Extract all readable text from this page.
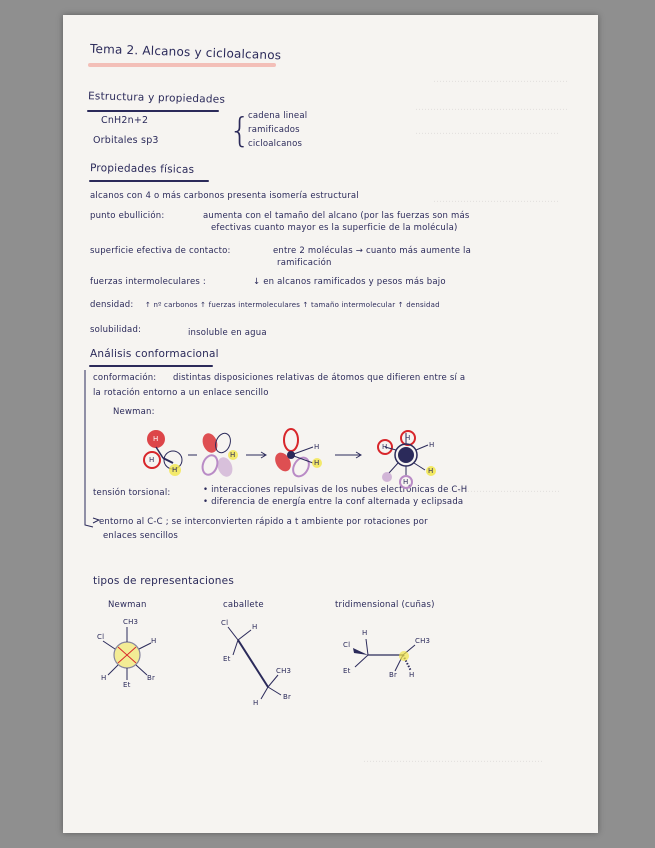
………………………………………
……………………………………………
…………………………………………
……………………………………
…………………………………
……………………………………………………
Tema 2. Alcanos y cicloalcanos
Estructura y propiedades
CnH2n+2
Orbitales sp3 {
cadena lineal
ramificados
cicloalcanos
Propiedades físicas
alcanos con 4 o más carbonos presenta isomería estructural
punto ebullición:	aumenta con el tamaño del alcano (por las fuerzas son más
efectivas cuanto mayor es la superficie de la molécula)
superficie efectiva de contacto:	entre 2 moléculas → cuanto más aumente la
ramificación
fuerzas intermoleculares :	↓ en alcanos ramificados y pesos más bajo
densidad: ↑ nº carbonos ↑ fuerzas intermoleculares ↑ tamaño intermolecular ↑ densidad
solubilidad:	insoluble en agua
Análisis conformacional
conformación: distintas disposiciones relativas de átomos que difieren entre sí a
la rotación entorno a un enlace sencillo
Newman:
tensión torsional:	• interacciones repulsivas de los nubes electrónicas de C-H
• diferencia de energía entre la conf alternada y eclipsada
entorno al C-C ; se interconvierten rápido a t ambiente por rotaciones por
enlaces sencillos
tipos de representaciones
Newman	caballete	tridimensional (cuñas)
H
H
H
H
H
H
H
H	H
H
H
Cl
CH3
H
H	Br
Et
Cl	H
Et
CH3
H
Br
H
Cl
Et
CH3
Br H
